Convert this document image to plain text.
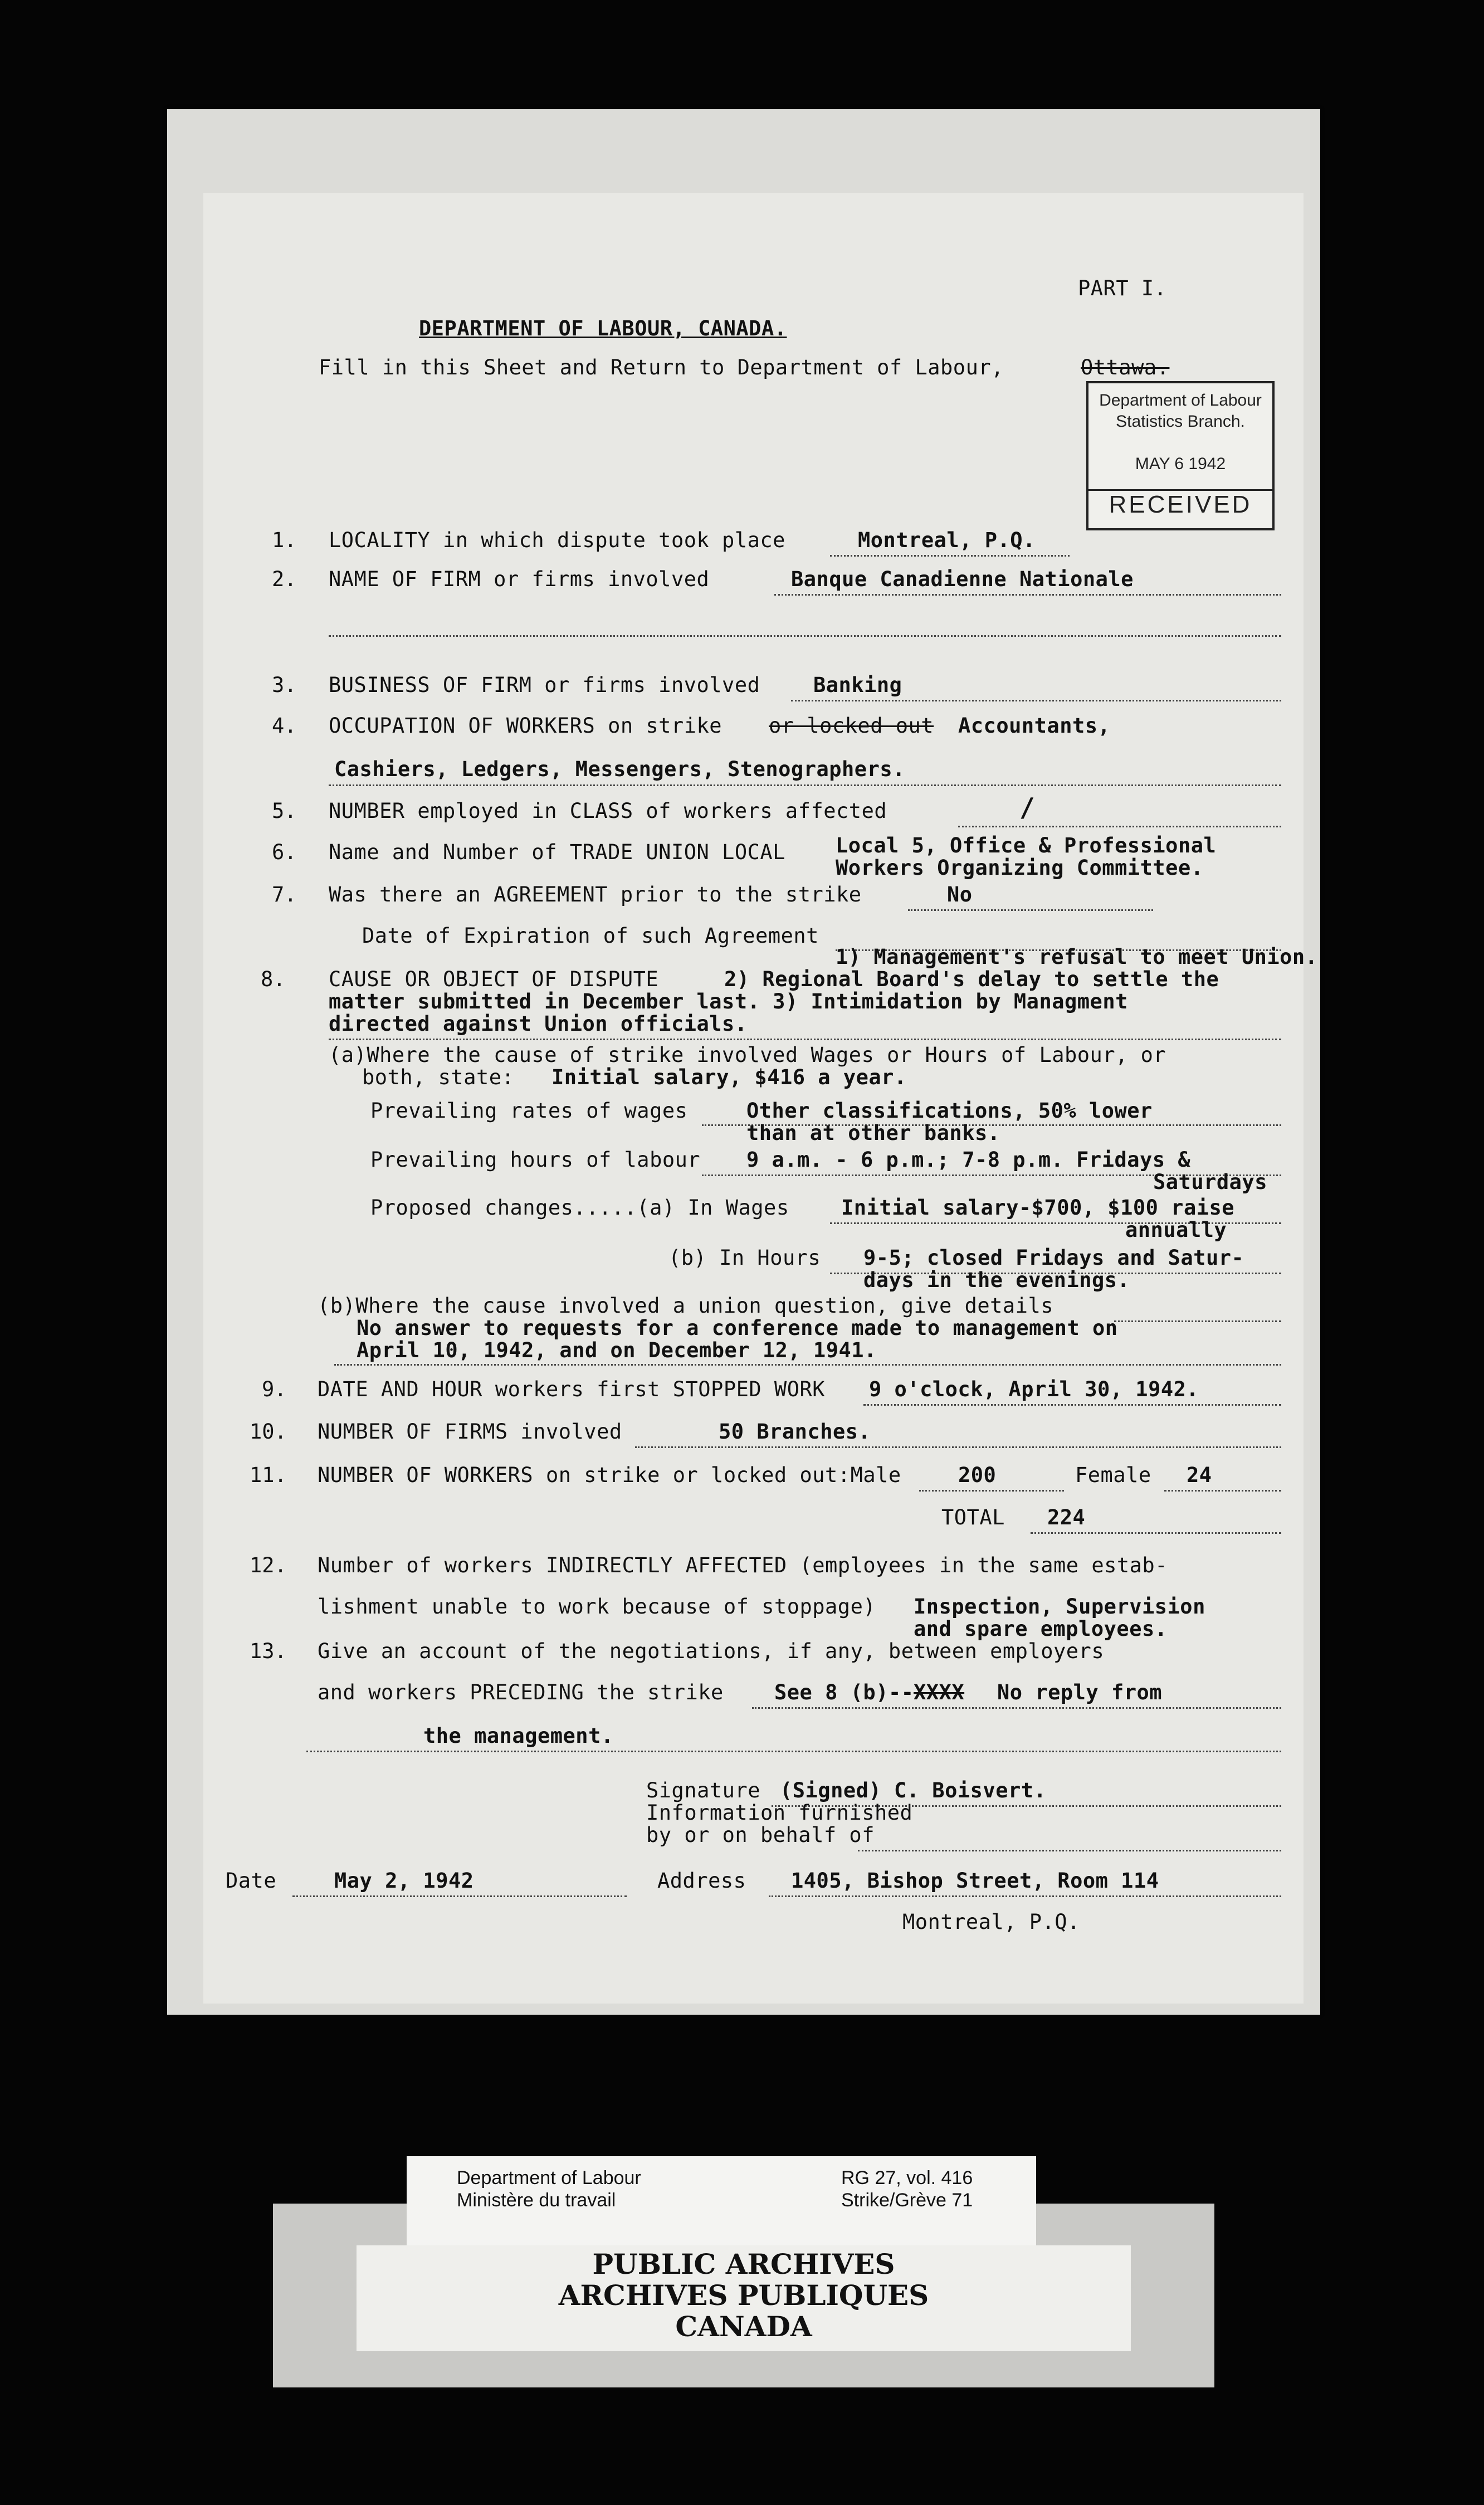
PART I.
DEPARTMENT OF LABOUR, CANADA.
Fill in this Sheet and Return to Department of Labour,	Ottawa.
Department of Labour
Statistics Branch.
MAY 6 1942
RECEIVED
1. LOCALITY in which dispute took place	Montreal, P.Q.
2. NAME OF FIRM or firms involved	Banque Canadienne Nationale
3. BUSINESS OF FIRM or firms involved	Banking
4. OCCUPATION OF WORKERS on strike or locked out Accountants,
Cashiers, Ledgers, Messengers, Stenographers.
5. NUMBER employed in CLASS of workers affected	/
6. Name and Number of TRADE UNION LOCAL Local 5, Office & Professional
Workers Organizing Committee.
7. Was there an AGREEMENT prior to the strike	No
Date of Expiration of such Agreement
1) Management's refusal to meet Union.
8. CAUSE OR OBJECT OF DISPUTE	2) Regional Board's delay to settle the
matter submitted in December last. 3) Intimidation by Managment
directed against Union officials.
(a)Where the cause of strike involved Wages or Hours of Labour, or
both, state: Initial salary, $416 a year.
Prevailing rates of wages	Other classifications, 50% lower
than at other banks.
Prevailing hours of labour 9 a.m. - 6 p.m.; 7-8 p.m. Fridays &
Saturdays
Proposed changes.....(a) In Wages	Initial salary-$700, $100 raise
annually
(b) In Hours 9-5; closed Fridays and Satur-
days in the evenings.
(b)Where the cause involved a union question, give details
No answer to requests for a conference made to management on
April 10, 1942, and on December 12, 1941.
9. DATE AND HOUR workers first STOPPED WORK 9 o'clock, April 30, 1942.
10. NUMBER OF FIRMS involved	50 Branches.
11. NUMBER OF WORKERS on strike or locked out:Male	200	Female 24
TOTAL 224
12. Number of workers INDIRECTLY AFFECTED (employees in the same estab-
lishment unable to work because of stoppage) Inspection, Supervision
and spare employees.
13. Give an account of the negotiations, if any, between employers
and workers PRECEDING the strike See 8 (b)-- XXXX No reply from
the management.
Signature (Signed) C. Boisvert.
Information furnished
by or on behalf of
Date	May 2, 1942	Address 1405, Bishop Street, Room 114
Montreal, P.Q.
Department of Labour
Ministère du travail
RG 27, vol. 416
Strike/Grève 71
PUBLIC ARCHIVES
ARCHIVES PUBLIQUES
CANADA
